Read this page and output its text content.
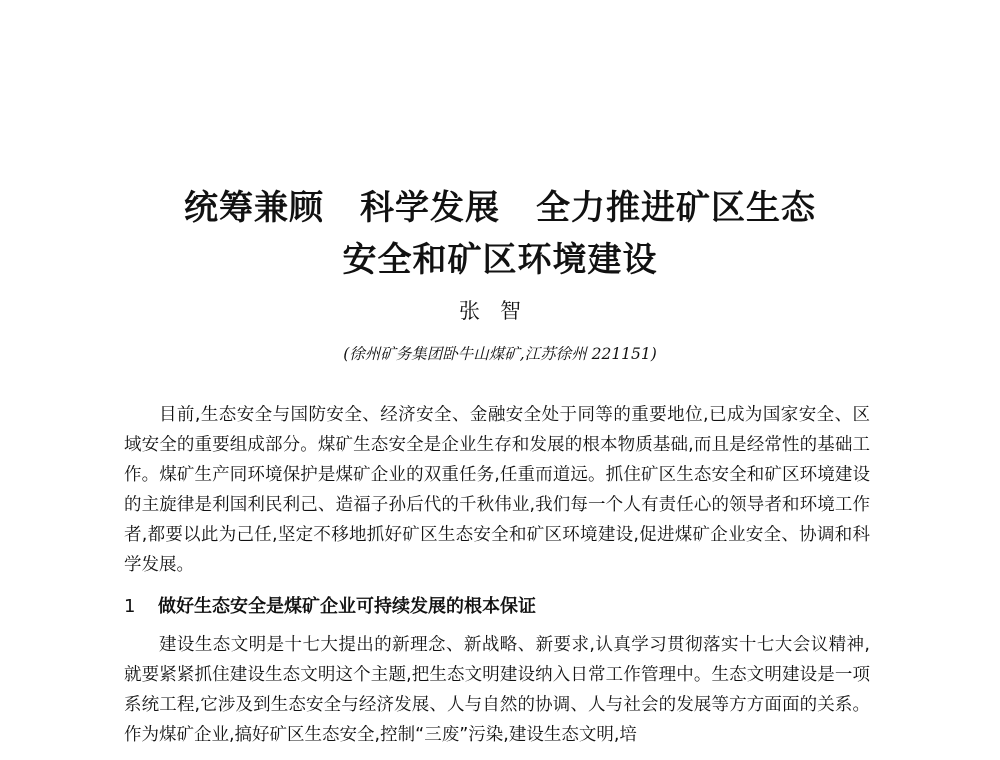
统筹兼顾 科学发展 全力推进矿区生态
安全和矿区环境建设
张智
(徐州矿务集团卧牛山煤矿,江苏徐州 221151)
目前,生态安全与国防安全、经济安全、金融安全处于同等的重要地位,已成为国家安全、区域安全的重要组成部分。煤矿生态安全是企业生存和发展的根本物质基础,而且是经常性的基础工作。煤矿生产同环境保护是煤矿企业的双重任务,任重而道远。抓住矿区生态安全和矿区环境建设的主旋律是利国利民利己、造福子孙后代的千秋伟业,我们每一个人有责任心的领导者和环境工作者,都要以此为己任,坚定不移地抓好矿区生态安全和矿区环境建设,促进煤矿企业安全、协调和科学发展。
1 做好生态安全是煤矿企业可持续发展的根本保证
建设生态文明是十七大提出的新理念、新战略、新要求,认真学习贯彻落实十七大会议精神,就要紧紧抓住建设生态文明这个主题,把生态文明建设纳入日常工作管理中。生态文明建设是一项系统工程,它涉及到生态安全与经济发展、人与自然的协调、人与社会的发展等方方面面的关系。作为煤矿企业,搞好矿区生态安全,控制“三废”污染,建设生态文明,培
